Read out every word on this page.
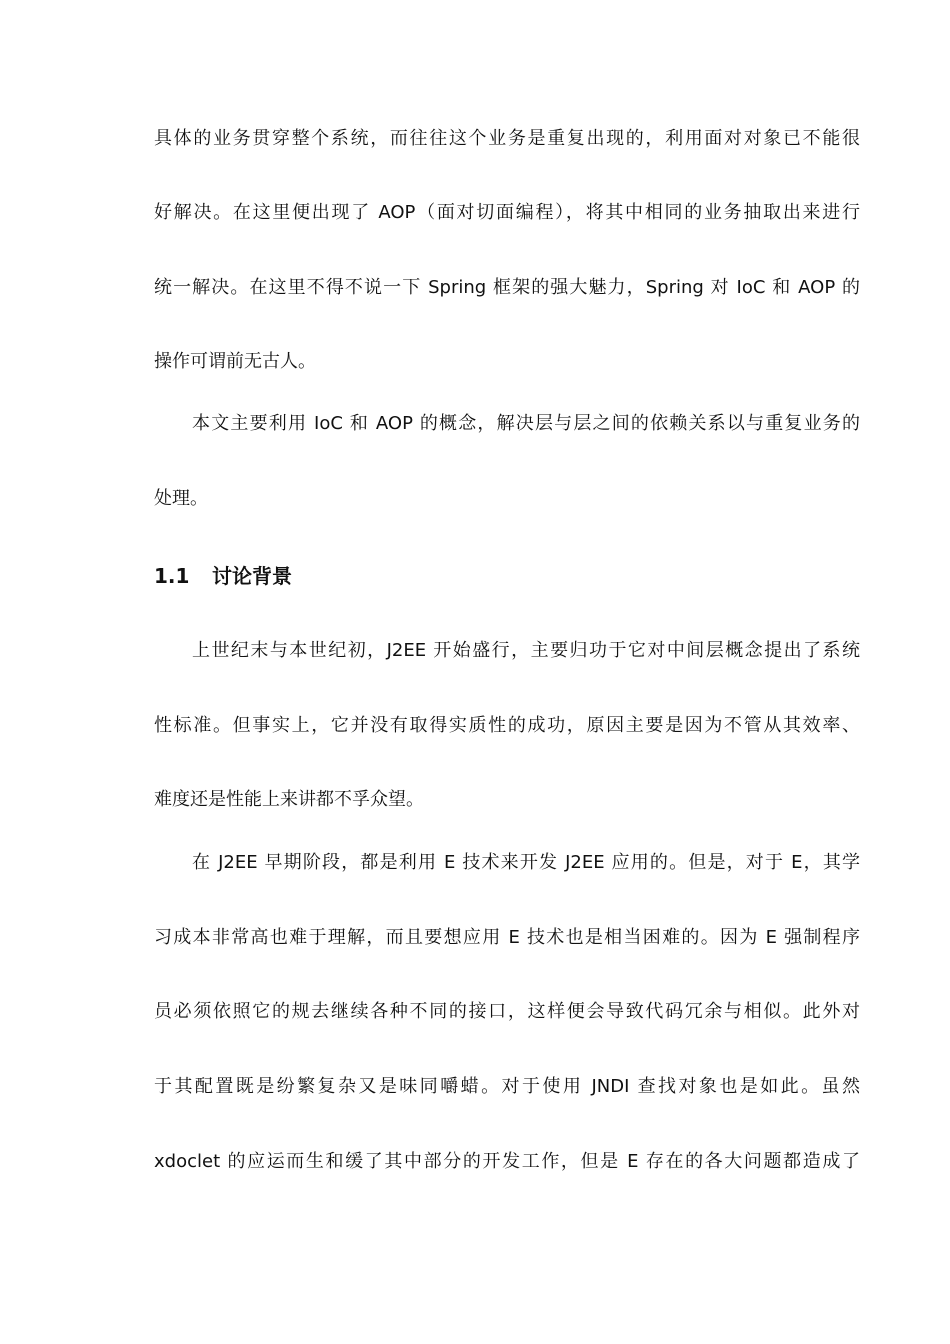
具体的业务贯穿整个系统，而往往这个业务是重复出现的，利用面对对象已不能很
好解决。在这里便出现了 AOP（面对切面编程），将其中相同的业务抽取出来进行
统一解决。在这里不得不说一下 Spring 框架的强大魅力，Spring 对 IoC 和 AOP 的
操作可谓前无古人。
本文主要利用 IoC 和 AOP 的概念，解决层与层之间的依赖关系以与重复业务的
处理。
1.1 讨论背景
上世纪末与本世纪初，J2EE 开始盛行，主要归功于它对中间层概念提出了系统
性标准。但事实上，它并没有取得实质性的成功，原因主要是因为不管从其效率、
难度还是性能上来讲都不孚众望。
在 J2EE 早期阶段，都是利用 E 技术来开发 J2EE 应用的。但是，对于 E，其学
习成本非常高也难于理解，而且要想应用 E 技术也是相当困难的。因为 E 强制程序
员必须依照它的规去继续各种不同的接口，这样便会导致代码冗余与相似。此外对
于其配置既是纷繁复杂又是味同嚼蜡。对于使用 JNDI 查找对象也是如此。虽然
xdoclet 的应运而生和缓了其中部分的开发工作，但是 E 存在的各大问题都造成了
